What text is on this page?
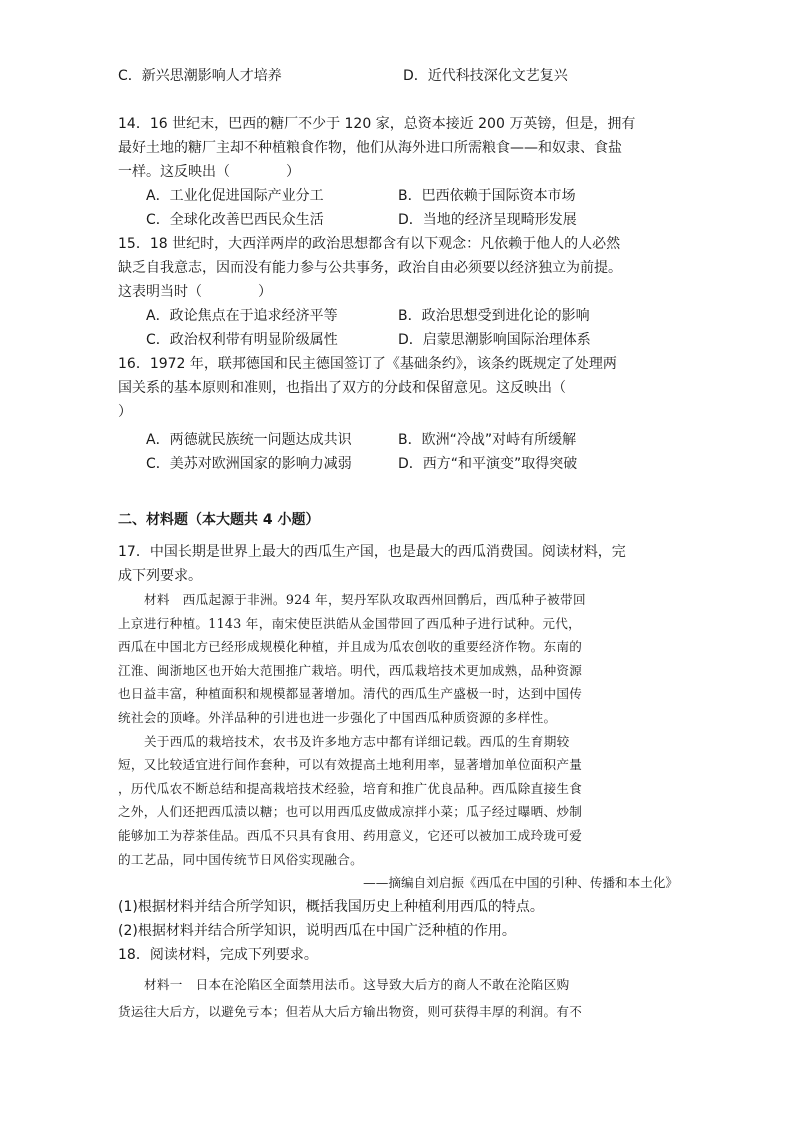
C．新兴思潮影响人才培养	D．近代科技深化文艺复兴
14．16 世纪末，巴西的糖厂不少于 120 家，总资本接近 200 万英镑，但是，拥有
最好土地的糖厂主却不种植粮食作物，他们从海外进口所需粮食——和奴隶、食盐
一样。这反映出（　　　　）
A．工业化促进国际产业分工	B．巴西依赖于国际资本市场
C．全球化改善巴西民众生活	D．当地的经济呈现畸形发展
15．18 世纪时，大西洋两岸的政治思想都含有以下观念：凡依赖于他人的人必然
缺乏自我意志，因而没有能力参与公共事务，政治自由必须要以经济独立为前提。
这表明当时（　　　　）
A．政论焦点在于追求经济平等	B．政治思想受到进化论的影响
C．政治权利带有明显阶级属性	D．启蒙思潮影响国际治理体系
16．1972 年，联邦德国和民主德国签订了《基础条约》，该条约既规定了处理两
国关系的基本原则和准则，也指出了双方的分歧和保留意见。这反映出（
）
A．两德就民族统一问题达成共识	B．欧洲“冷战”对峙有所缓解
C．美苏对欧洲国家的影响力减弱	D．西方“和平演变”取得突破
二、材料题（本大题共 4 小题）
17．中国长期是世界上最大的西瓜生产国，也是最大的西瓜消费国。阅读材料，完
成下列要求。
材料　西瓜起源于非洲。924 年，契丹军队攻取西州回鹘后，西瓜种子被带回
上京进行种植。1143 年，南宋使臣洪皓从金国带回了西瓜种子进行试种。元代，
西瓜在中国北方已经形成规模化种植，并且成为瓜农创收的重要经济作物。东南的
江淮、闽浙地区也开始大范围推广栽培。明代，西瓜栽培技术更加成熟，品种资源
也日益丰富，种植面积和规模都显著增加。清代的西瓜生产盛极一时，达到中国传
统社会的顶峰。外洋品种的引进也进一步强化了中国西瓜种质资源的多样性。
关于西瓜的栽培技术，农书及许多地方志中都有详细记载。西瓜的生育期较
短，又比较适宜进行间作套种，可以有效提高土地利用率，显著增加单位面积产量
，历代瓜农不断总结和提高栽培技术经验，培育和推广优良品种。西瓜除直接生食
之外，人们还把西瓜渍以糖；也可以用西瓜皮做成凉拌小菜；瓜子经过曝晒、炒制
能够加工为荐茶佳品。西瓜不只具有食用、药用意义，它还可以被加工成玲珑可爱
的工艺品，同中国传统节日风俗实现融合。
——摘编自刘启振《西瓜在中国的引种、传播和本土化》
(1)根据材料并结合所学知识，概括我国历史上种植利用西瓜的特点。
(2)根据材料并结合所学知识，说明西瓜在中国广泛种植的作用。
18．阅读材料，完成下列要求。
材料一　日本在沦陷区全面禁用法币。这导致大后方的商人不敢在沦陷区购
货运往大后方，以避免亏本；但若从大后方输出物资，则可获得丰厚的利润。有不
